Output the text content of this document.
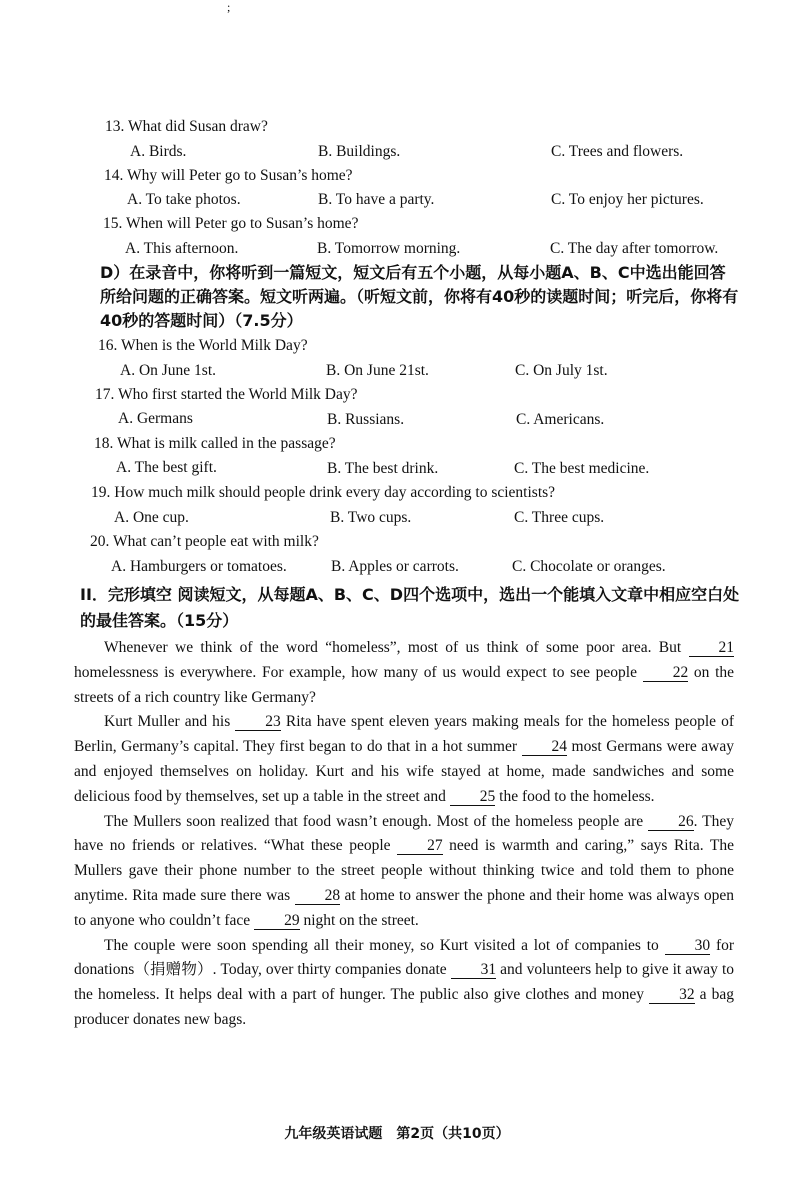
;
13. What did Susan draw?
A. Birds.	B. Buildings.	C. Trees and flowers.
14. Why will Peter go to Susan’s home?
A. To take photos.	B. To have a party.	C. To enjoy her pictures.
15. When will Peter go to Susan’s home?
A. This afternoon.	B. Tomorrow morning.	C. The day after tomorrow.
D）在录音中，你将听到一篇短文，短文后有五个小题，从每小题A、B、C中选出能回答所给问题的正确答案。短文听两遍。（听短文前，你将有40秒的读题时间；听完后，你将有40秒的答题时间）（7.5分）
16. When is the World Milk Day?
A. On June 1st.	B. On June 21st.	C. On July 1st.
17. Who first started the World Milk Day?
A. Germans	B. Russians.	C. Americans.
18. What is milk called in the passage?
A. The best gift.	B. The best drink.	C. The best medicine.
19. How much milk should people drink every day according to scientists?
A. One cup.	B. Two cups.	C. Three cups.
20. What can’t people eat with milk?
A. Hamburgers or tomatoes.	B. Apples or carrots.	C. Chocolate or oranges.
II．完形填空 阅读短文，从每题A、B、C、D四个选项中，选出一个能填入文章中相应空白处的最佳答案。（15分）

Whenever we think of the word “homeless”, most of us think of some poor area. But 21 homelessness is everywhere. For example, how many of us would expect to see people 22 on the streets of a rich country like Germany?

Kurt Muller and his 23 Rita have spent eleven years making meals for the homeless people of Berlin, Germany’s capital. They first began to do that in a hot summer 24 most Germans were away and enjoyed themselves on holiday. Kurt and his wife stayed at home, made sandwiches and some delicious food by themselves, set up a table in the street and 25 the food to the homeless.

The Mullers soon realized that food wasn’t enough. Most of the homeless people are 26. They have no friends or relatives. “What these people 27 need is warmth and caring,” says Rita. The Mullers gave their phone number to the street people without thinking twice and told them to phone anytime. Rita made sure there was 28 at home to answer the phone and their home was always open to anyone who couldn’t face 29 night on the street.

The couple were soon spending all their money, so Kurt visited a lot of companies to 30 for donations（捐赠物）. Today, over thirty companies donate 31 and volunteers help to give it away to the homeless. It helps deal with a part of hunger. The public also give clothes and money 32 a bag producer donates new bags.

九年级英语试题　第2页（共10页）
